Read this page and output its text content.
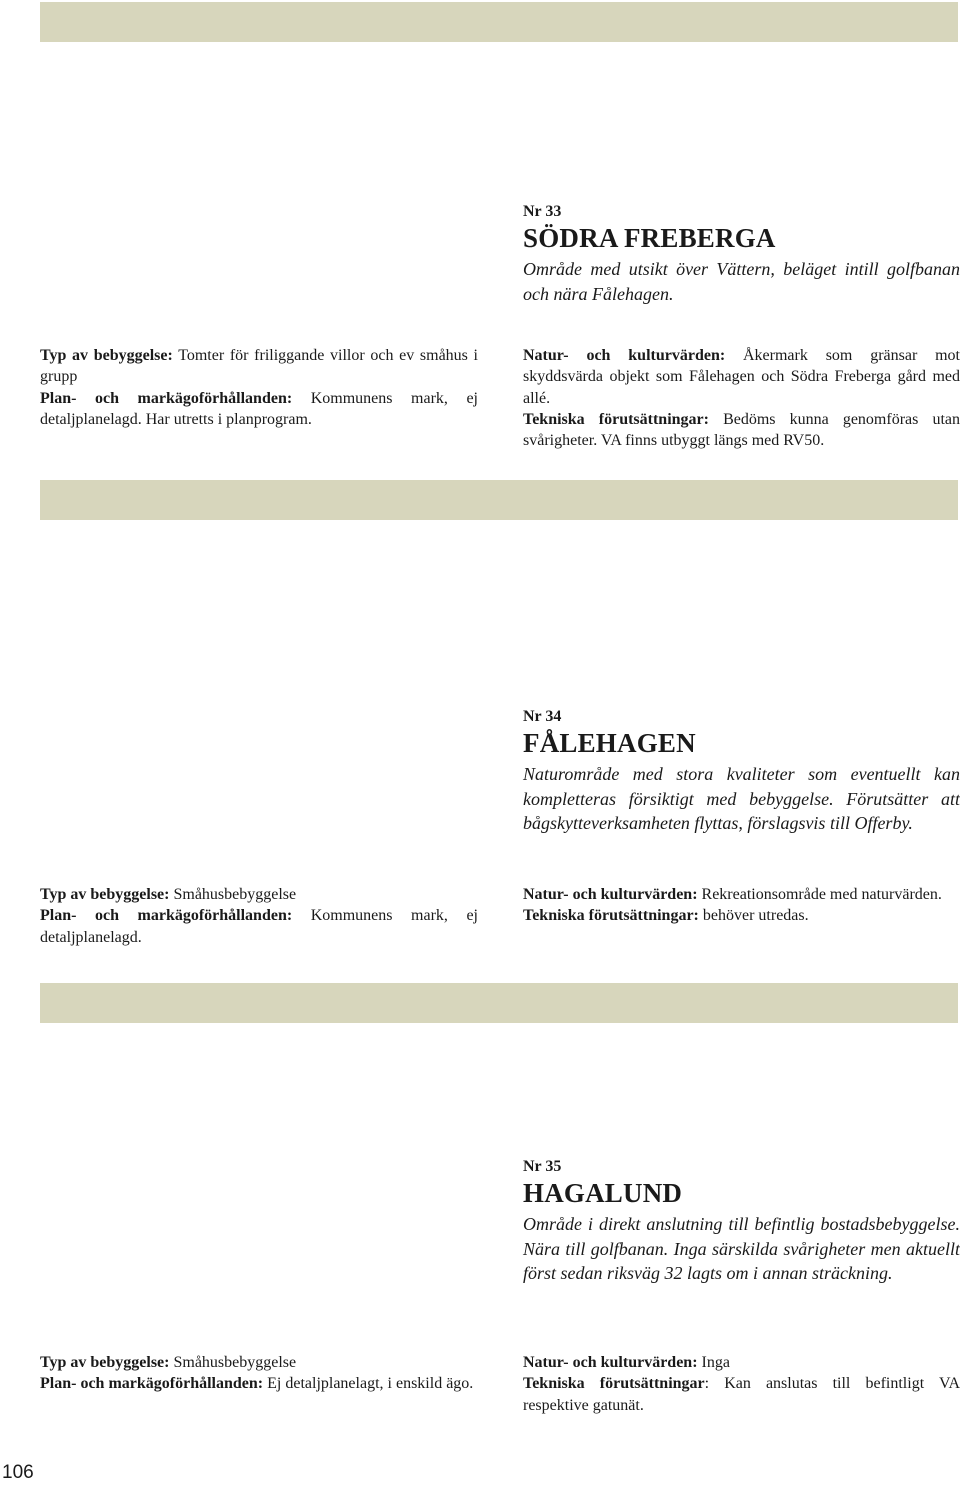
Nr 33

SÖDRA FREBERGA

Område med utsikt över Vättern, beläget intill golfbanan och nära Fålehagen.

Typ av bebyggelse: Tomter för friliggande villor och ev småhus i grupp

Plan- och markägoförhållanden: Kommunens mark, ej detaljplanelagd. Har utretts i planprogram.

Natur- och kulturvärden: Åkermark som gränsar mot skyddsvärda objekt som Fålehagen och Södra Freberga gård med allé.

Tekniska förutsättningar: Bedöms kunna genomföras utan svårigheter. VA finns utbyggt längs med RV50.

Nr 34

FÅLEHAGEN

Naturområde med stora kvaliteter som eventuellt kan kompletteras försiktigt med bebyggelse. Förutsätter att bågskytteverksamheten flyttas, förslagsvis till Offerby.

Typ av bebyggelse: Småhusbebyggelse

Plan- och markägoförhållanden: Kommunens mark, ej detaljplanelagd.

Natur- och kulturvärden: Rekreationsområde med naturvärden.

Tekniska förutsättningar: behöver utredas.

Nr 35

HAGALUND

Område i direkt anslutning till befintlig bostadsbebyggelse. Nära till golfbanan. Inga särskilda svårigheter men aktuellt först sedan riksväg 32 lagts om i annan sträckning.

Typ av bebyggelse: Småhusbebyggelse

Plan- och markägoförhållanden: Ej detaljplanelagt, i enskild ägo.

Natur- och kulturvärden: Inga

Tekniska förutsättningar: Kan anslutas till befintligt VA respektive gatunät.

106
